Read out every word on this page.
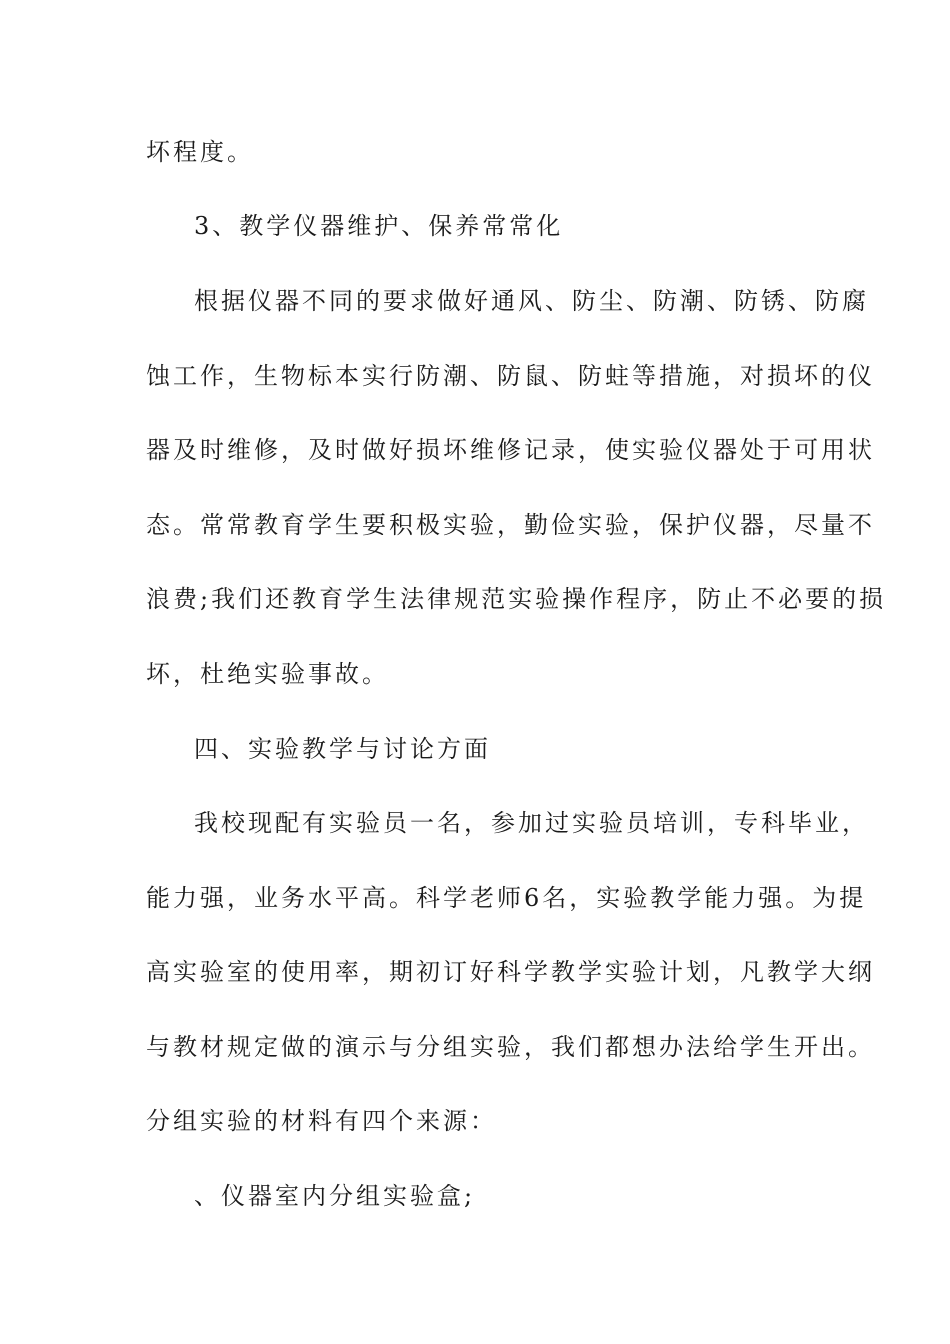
坏程度。
3、教学仪器维护、保养常常化
根据仪器不同的要求做好通风、防尘、防潮、防锈、防腐
蚀工作，生物标本实行防潮、防鼠、防蛀等措施，对损坏的仪
器及时维修，及时做好损坏维修记录，使实验仪器处于可用状
态。常常教育学生要积极实验，勤俭实验，保护仪器，尽量不
浪费;我们还教育学生法律规范实验操作程序，防止不必要的损
坏，杜绝实验事故。
四、实验教学与讨论方面
我校现配有实验员一名，参加过实验员培训，专科毕业，
能力强，业务水平高。科学老师6名，实验教学能力强。为提
高实验室的使用率，期初订好科学教学实验计划，凡教学大纲
与教材规定做的演示与分组实验，我们都想办法给学生开出。
分组实验的材料有四个来源：
、仪器室内分组实验盒;
